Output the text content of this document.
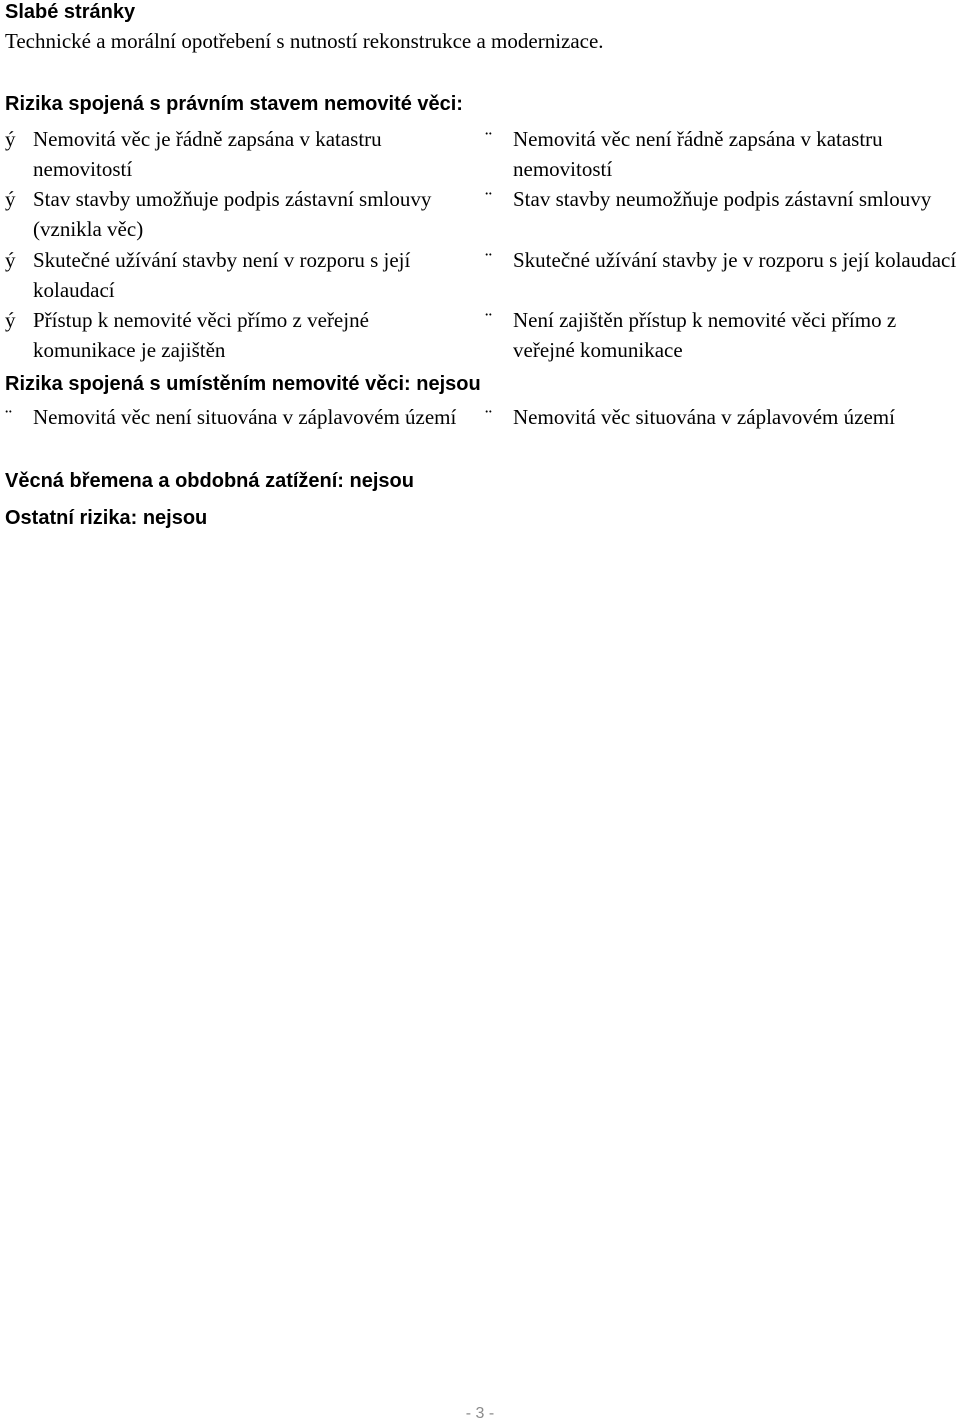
Slabé stránky
Technické a morální opotřebení s nutností rekonstrukce a modernizace.
Rizika spojená s právním stavem nemovité věci:
ý Nemovitá věc je řádně zapsána v katastru nemovitostí
¨ Nemovitá věc není řádně zapsána v katastru nemovitostí
ý Stav stavby umožňuje podpis zástavní smlouvy (vznikla věc)
¨ Stav stavby neumožňuje podpis zástavní smlouvy
ý Skutečné užívání stavby není v rozporu s její kolaudací
¨ Skutečné užívání stavby je v rozporu s její kolaudací
ý Přístup k nemovité věci přímo z veřejné komunikace je zajištěn
¨ Není zajištěn přístup k nemovité věci přímo z veřejné komunikace
Rizika spojená s umístěním nemovité věci: nejsou
¨ Nemovitá věc není situována v záplavovém území	¨ Nemovitá věc situována v záplavovém území
Věcná břemena a obdobná zatížení: nejsou
Ostatní rizika: nejsou
- 3 -
